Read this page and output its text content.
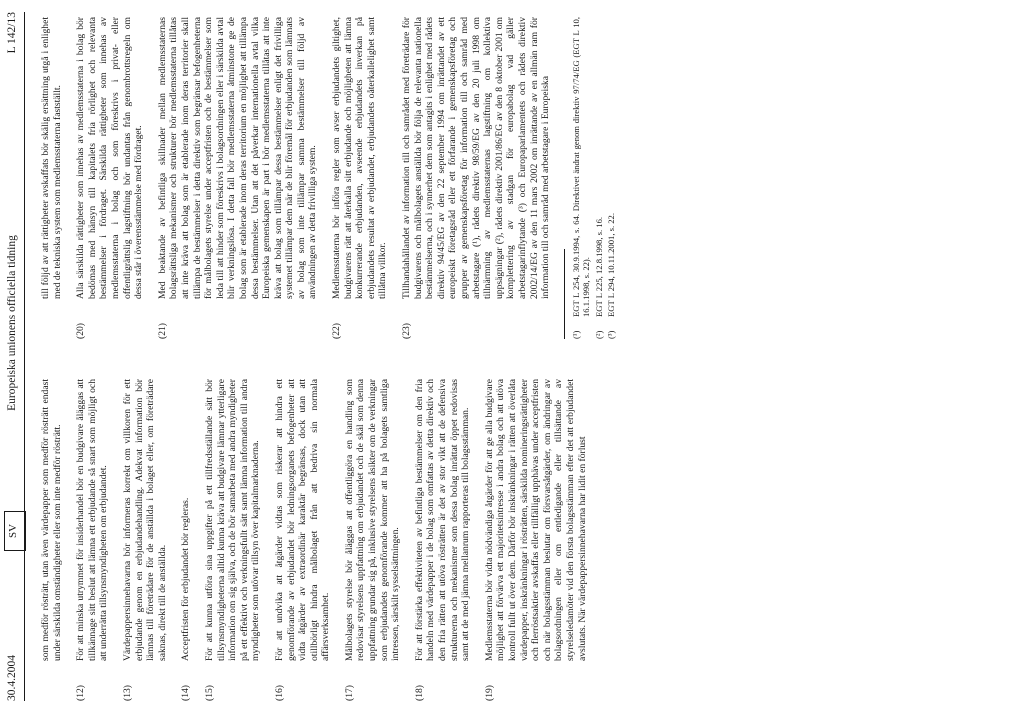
30.4.2004
SV
Europeiska unionens officiella tidning
L 142/13

som medför rösträtt, utan även värdepapper som medför rösträtt endast under särskilda omständigheter eller som inte medför rösträtt.

(12)

För att minska utrymmet för insiderhandel bör en budgivare åläggas att tillkännage sitt beslut att lämna ett erbjudande så snart som möjligt och att underrätta tillsynsmyndigheten om erbjudandet.

(13)

Värdepappersinnehavarna bör informeras korrekt om villkoren för ett erbjudande genom en erbjudandehandling. Adekvat information bör lämnas till företrädare för de anställda i bolaget eller, om företrädare saknas, direkt till de anställda.

(14)

Acceptfristen för erbjudandet bör regleras.

(15)

För att kunna utföra sina uppgifter på ett tillfredsställande sätt bör tillsynsmyndigheterna alltid kunna kräva att budgivare lämnar ytterligare information om sig själva, och de bör samarbeta med andra myndigheter på ett effektivt och verkningsfullt sätt samt lämna information till andra myndigheter som utövar tillsyn över kapitalmarknaderna.

(16)

För att undvika att åtgärder vidtas som riskerar att hindra ett genomförande av erbjudandet bör ledningsorganets befogenheter att vidta åtgärder av extraordinär karaktär begränsas, dock utan att otillbörligt hindra målbolaget från att bedriva sin normala affärsverksamhet.

(17)

Målbolagets styrelse bör åläggas att offentliggöra en handling som redovisar styrelsens uppfattning om erbjudandet och de skäl som denna uppfattning grundar sig på, inklusive styrelsens åsikter om de verkningar som erbjudandets genomförande kommer att ha på bolagets samtliga intressen, särskilt sysselsättningen.

(18)

För att förstärka effektiviteten av befintliga bestämmelser om den fria handeln med värdepapper i de bolag som omfattas av detta direktiv och den fria rätten att utöva rösträtten är det av stor vikt att de defensiva strukturerna och mekanismer som dessa bolag inrättat öppet redovisas samt att de med jämna mellanrum rapporteras till bolagsstämman.

(19)

Medlemsstaterna bör vidta nödvändiga åtgärder för att ge alla budgivare möjlighet att förvärva ett majoritetsintresse i andra bolag och att utöva kontroll fullt ut över dem. Därför bör inskränkningar i rätten att överlåta värdepapper, inskränkningar i rösträtten, särskilda nomineringsrättigheter och flerröstsaktier avskaffas eller tillfälligt upphävas under acceptfristen och när bolagsstämman beslutar om försvarsåtgärder, om ändringar av bolagsordningen eller om entledigande eller tillsättande av styrelseledamöter vid den första bolagsstämman efter det att erbjudandet avslutats. När värdepappersinnehavarna har lidit en förlust

till följd av att rättigheter avskaffats bör skälig ersättning utgå i enlighet med de tekniska system som medlemsstaterna fastställt.

(20)

Alla särskilda rättigheter som innehas av medlemsstaterna i bolag bör bedömas med hänsyn till kapitalets fria rörlighet och relevanta bestämmelser i fördraget. Särskilda rättigheter som innehas av medlemsstaterna i bolag och som föreskrivs i privat- eller offentligrättslig lagstiftning bör undantas från genombrottsregeln om dessa står i överensstämmelse med fördraget.

(21)

Med beaktande av befintliga skillnader mellan medlemsstaternas bolagsrättsliga mekanismer och strukturer bör medlemsstaterna tillåtas att inte kräva att bolag som är etablerade inom deras territorier skall tillämpa de bestämmelser i detta direktiv som begränsar befogenheterna för målbolagets styrelse under acceptfristen och de bestämmelser som leda till att hinder som föreskrivs i bolagsordningen eller i särskilda avtal blir verkningslösa. I detta fall bör medlemsstaterna åtminstone ge de bolag som är etablerade inom deras territorium en möjlighet att tillämpa dessa bestämmelser. Utan att det påverkar internationella avtal vilka Europeiska gemenskapen är part i bör medlemsstaterna tillåtas att inte kräva att bolag som tillämpar dessa bestämmelser enligt det frivilliga systemet tillämpar dem när de blir föremål för erbjudanden som lämnats av bolag som inte tillämpar samma bestämmelser till följd av användningen av detta frivilliga system.

(22)

Medlemsstaterna bör införa regler som avser erbjudandets giltighet, budgivarens rätt att återkalla sitt erbjudande och möjligheten att lämna konkurrerande erbjudanden, avseende erbjudandets inverkan på erbjudandets resultat av erbjudandet, erbjudandets oåterkallelighet samt tillåtna villkor.

(23)

Tillhandahållandet av information till och samrådet med företrädare för budgivarens och målbolagets anställda bör följa de relevanta nationella bestämmelserna, och i synnerhet dem som antagits i enlighet med rådets direktiv 94/45/EG av den 22 september 1994 om inrättandet av ett europeiskt företagsråd eller ett förfarande i gemenskapsföretag och grupper av gemenskapsföretag för information till och samråd med arbetstagare (¹), rådets direktiv 98/59/EG av den 20 juli 1998 om tillnärmning av medlemsstaternas lagstiftning om kollektiva uppsägningar (²), rådets direktiv 2001/86/EG av den 8 oktober 2001 om komplettering av stadgan för europabolag vad gäller arbetstagarinflytande (³) och Europaparlamentets och rådets direktiv 2002/14/EG av den 11 mars 2002 om inrättande av en allmän ram för information till och samråd med arbetstagare i Europeiska

(¹)
EGT L 254, 30.9.1994, s. 64. Direktivet ändrat genom direktiv 97/74/EG (EGT L 10, 16.1.1998, s. 22).
(²)
EGT L 225, 12.8.1998, s. 16.
(³)
EGT L 294, 10.11.2001, s. 22.
